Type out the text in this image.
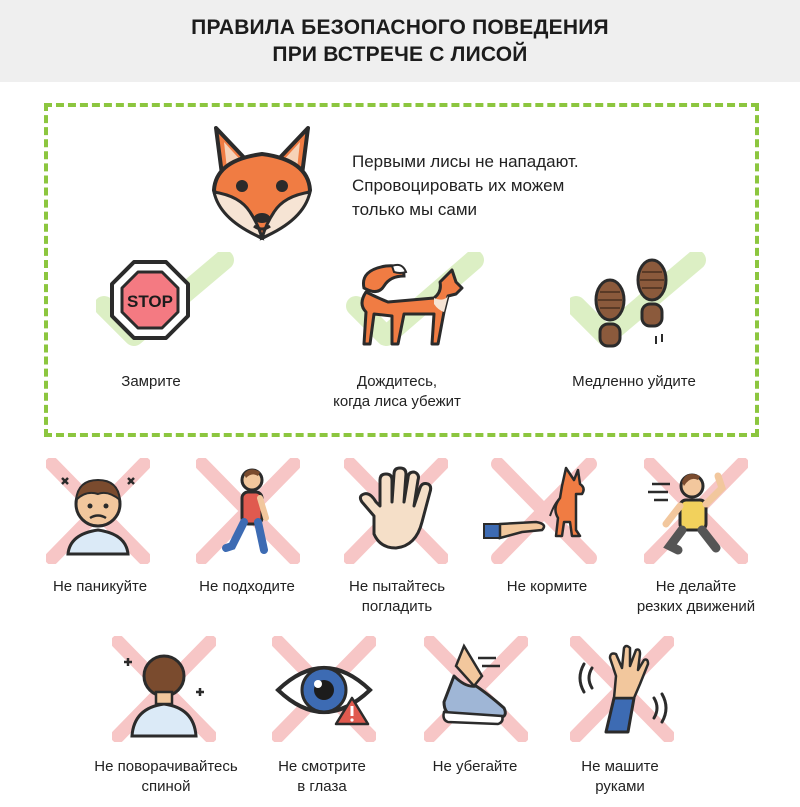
ПРАВИЛА БЕЗОПАСНОГО ПОВЕДЕНИЯ
ПРИ ВСТРЕЧЕ С ЛИСОЙ
Первыми лисы не нападают.
Спровоцировать их можем
только мы сами
STOP
Замрите	Дождитесь,
когда лиса убежит
Медленно уйдите
Не паникуйте	Не подходите	Не пытайтесь
погладить
Не кормите	Не делайте
резких движений
Не поворачивайтесь
спиной
Не смотрите
в глаза
Не убегайте	Не машите
руками
